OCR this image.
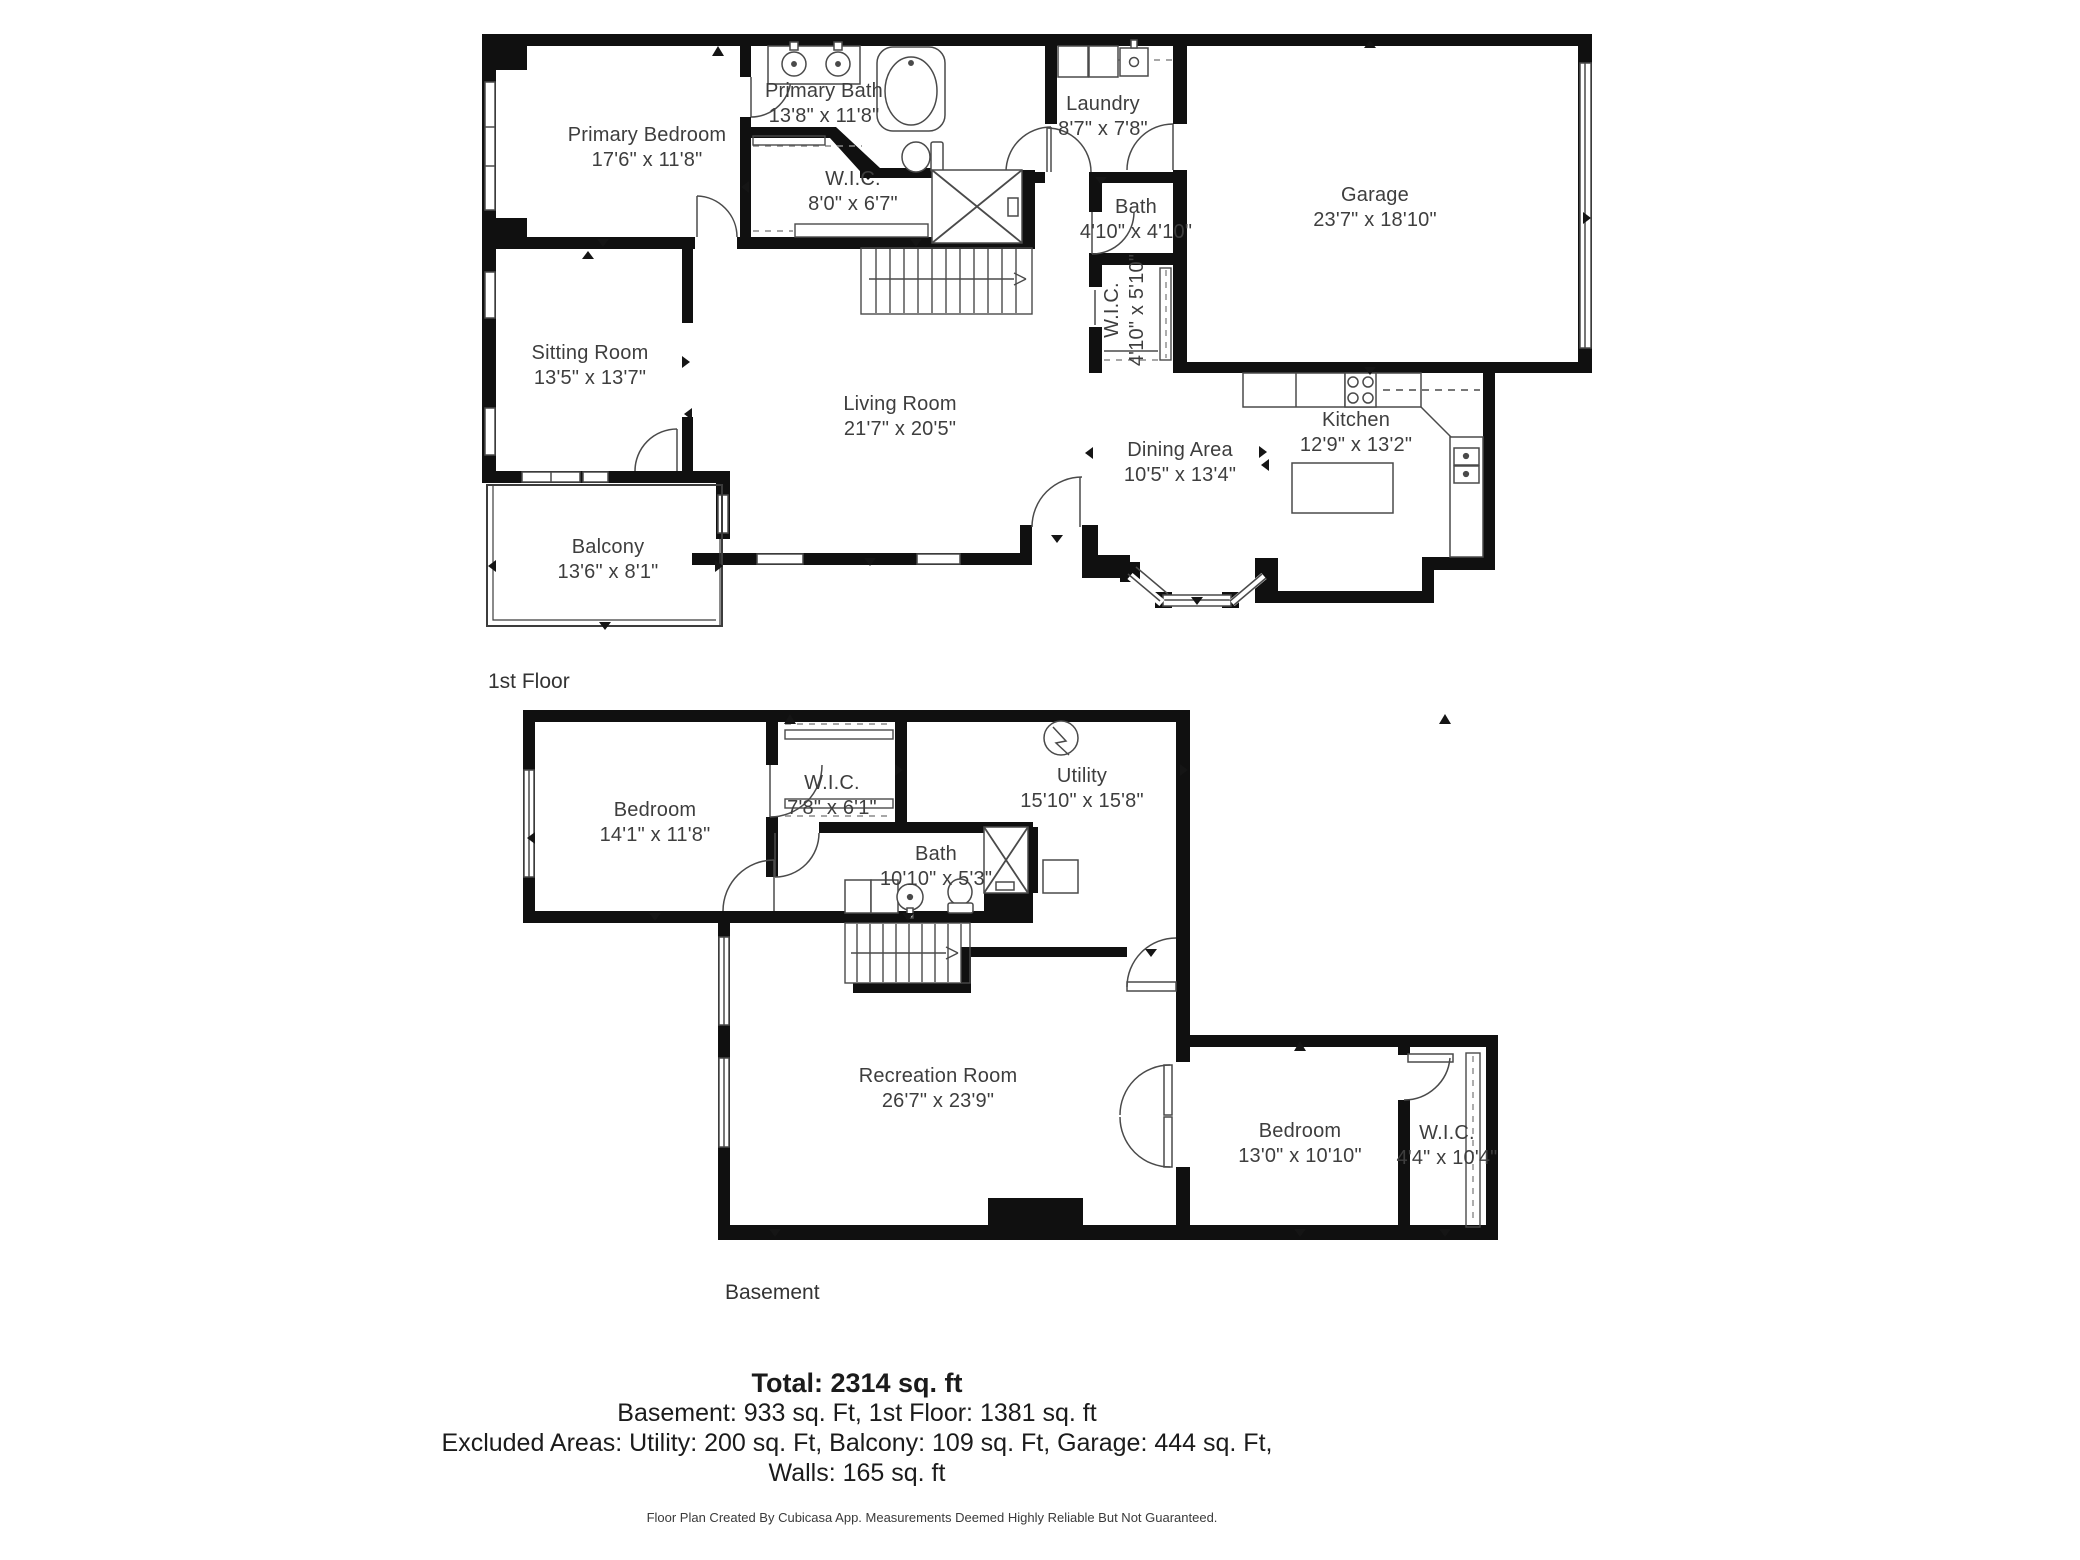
Primary Bedroom
17'6" x 11'8"
Primary Bath
13'8" x 11'8"
W.I.C.
8'0" x 6'7"
Laundry
8'7" x 7'8"
Garage
23'7" x 18'10"
Bath
4'10" x 4'10"
W.I.C. 4'10" x 5'10"
Sitting Room
13'5" x 13'7"
Living Room
21'7" x 20'5"
Dining Area
10'5" x 13'4"
Kitchen
12'9" x 13'2"
Balcony
13'6" x 8'1"
Bedroom
14'1" x 11'8"
W.I.C.
7'8" x 6'1"
Utility
15'10" x 15'8"
Bath
10'10" x 5'3"
Recreation Room
26'7" x 23'9"
Bedroom
13'0" x 10'10"
W.I.C.
4'4" x 10'4"
1st Floor
Basement
Total: 2314 sq. ft
Basement: 933 sq. Ft, 1st Floor: 1381 sq. ft
Excluded Areas: Utility: 200 sq. Ft, Balcony: 109 sq. Ft, Garage: 444 sq. Ft,
Walls: 165 sq. ft
Floor Plan Created By Cubicasa App. Measurements Deemed Highly Reliable But Not Guaranteed.
